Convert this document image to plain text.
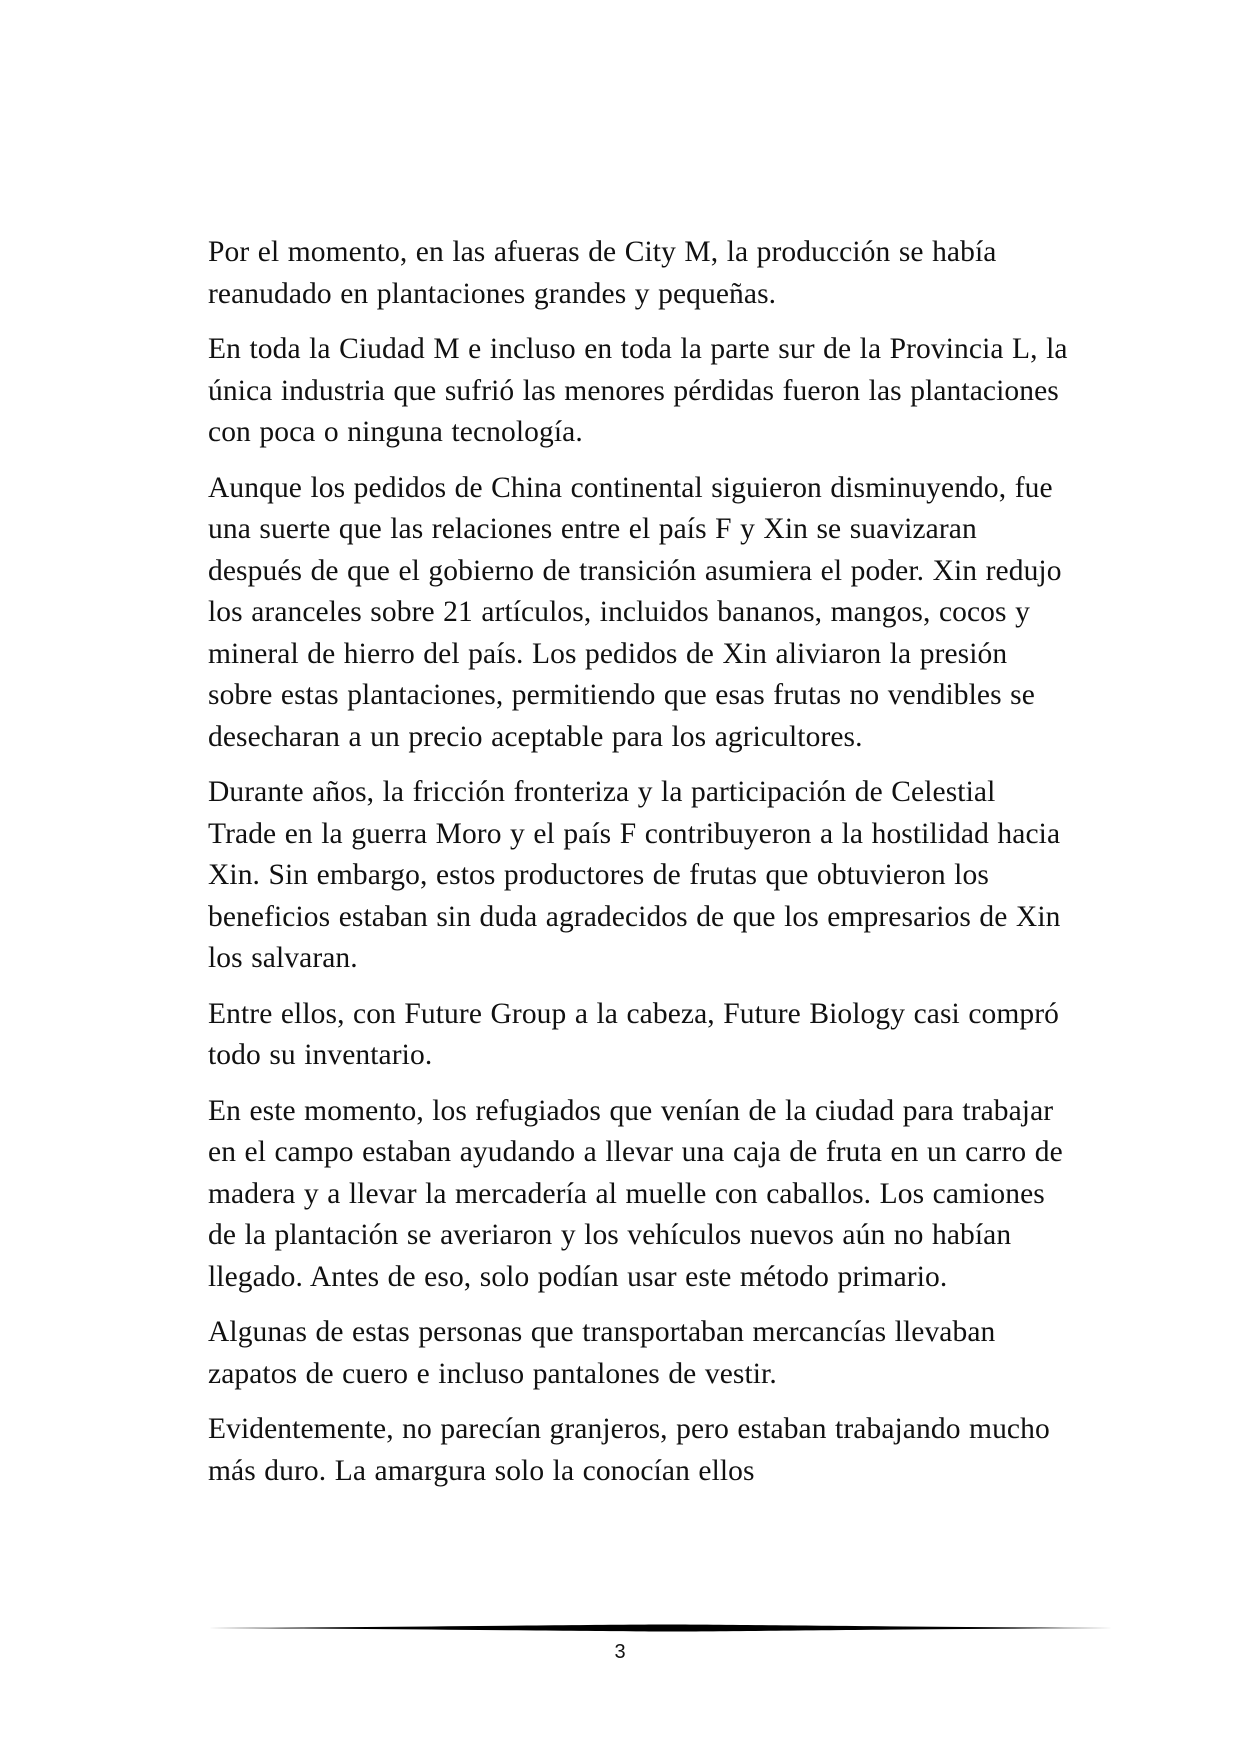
Por el momento, en las afueras de City M, la producción se había reanudado en plantaciones grandes y pequeñas.

En toda la Ciudad M e incluso en toda la parte sur de la Provincia L, la única industria que sufrió las menores pérdidas fueron las plantaciones con poca o ninguna tecnología.

Aunque los pedidos de China continental siguieron disminuyendo, fue una suerte que las relaciones entre el país F y Xin se suavizaran después de que el gobierno de transición asumiera el poder. Xin redujo los aranceles sobre 21 artículos, incluidos bananos, mangos, cocos y mineral de hierro del país. Los pedidos de Xin aliviaron la presión sobre estas plantaciones, permitiendo que esas frutas no vendibles se desecharan a un precio aceptable para los agricultores.

Durante años, la fricción fronteriza y la participación de Celestial Trade en la guerra Moro y el país F contribuyeron a la hostilidad hacia Xin. Sin embargo, estos productores de frutas que obtuvieron los beneficios estaban sin duda agradecidos de que los empresarios de Xin los salvaran.

Entre ellos, con Future Group a la cabeza, Future Biology casi compró todo su inventario.

En este momento, los refugiados que venían de la ciudad para trabajar en el campo estaban ayudando a llevar una caja de fruta en un carro de madera y a llevar la mercadería al muelle con caballos. Los camiones de la plantación se averiaron y los vehículos nuevos aún no habían llegado. Antes de eso, solo podían usar este método primario.

Algunas de estas personas que transportaban mercancías llevaban zapatos de cuero e incluso pantalones de vestir.

Evidentemente, no parecían granjeros, pero estaban trabajando mucho más duro. La amargura solo la conocían ellos

3
